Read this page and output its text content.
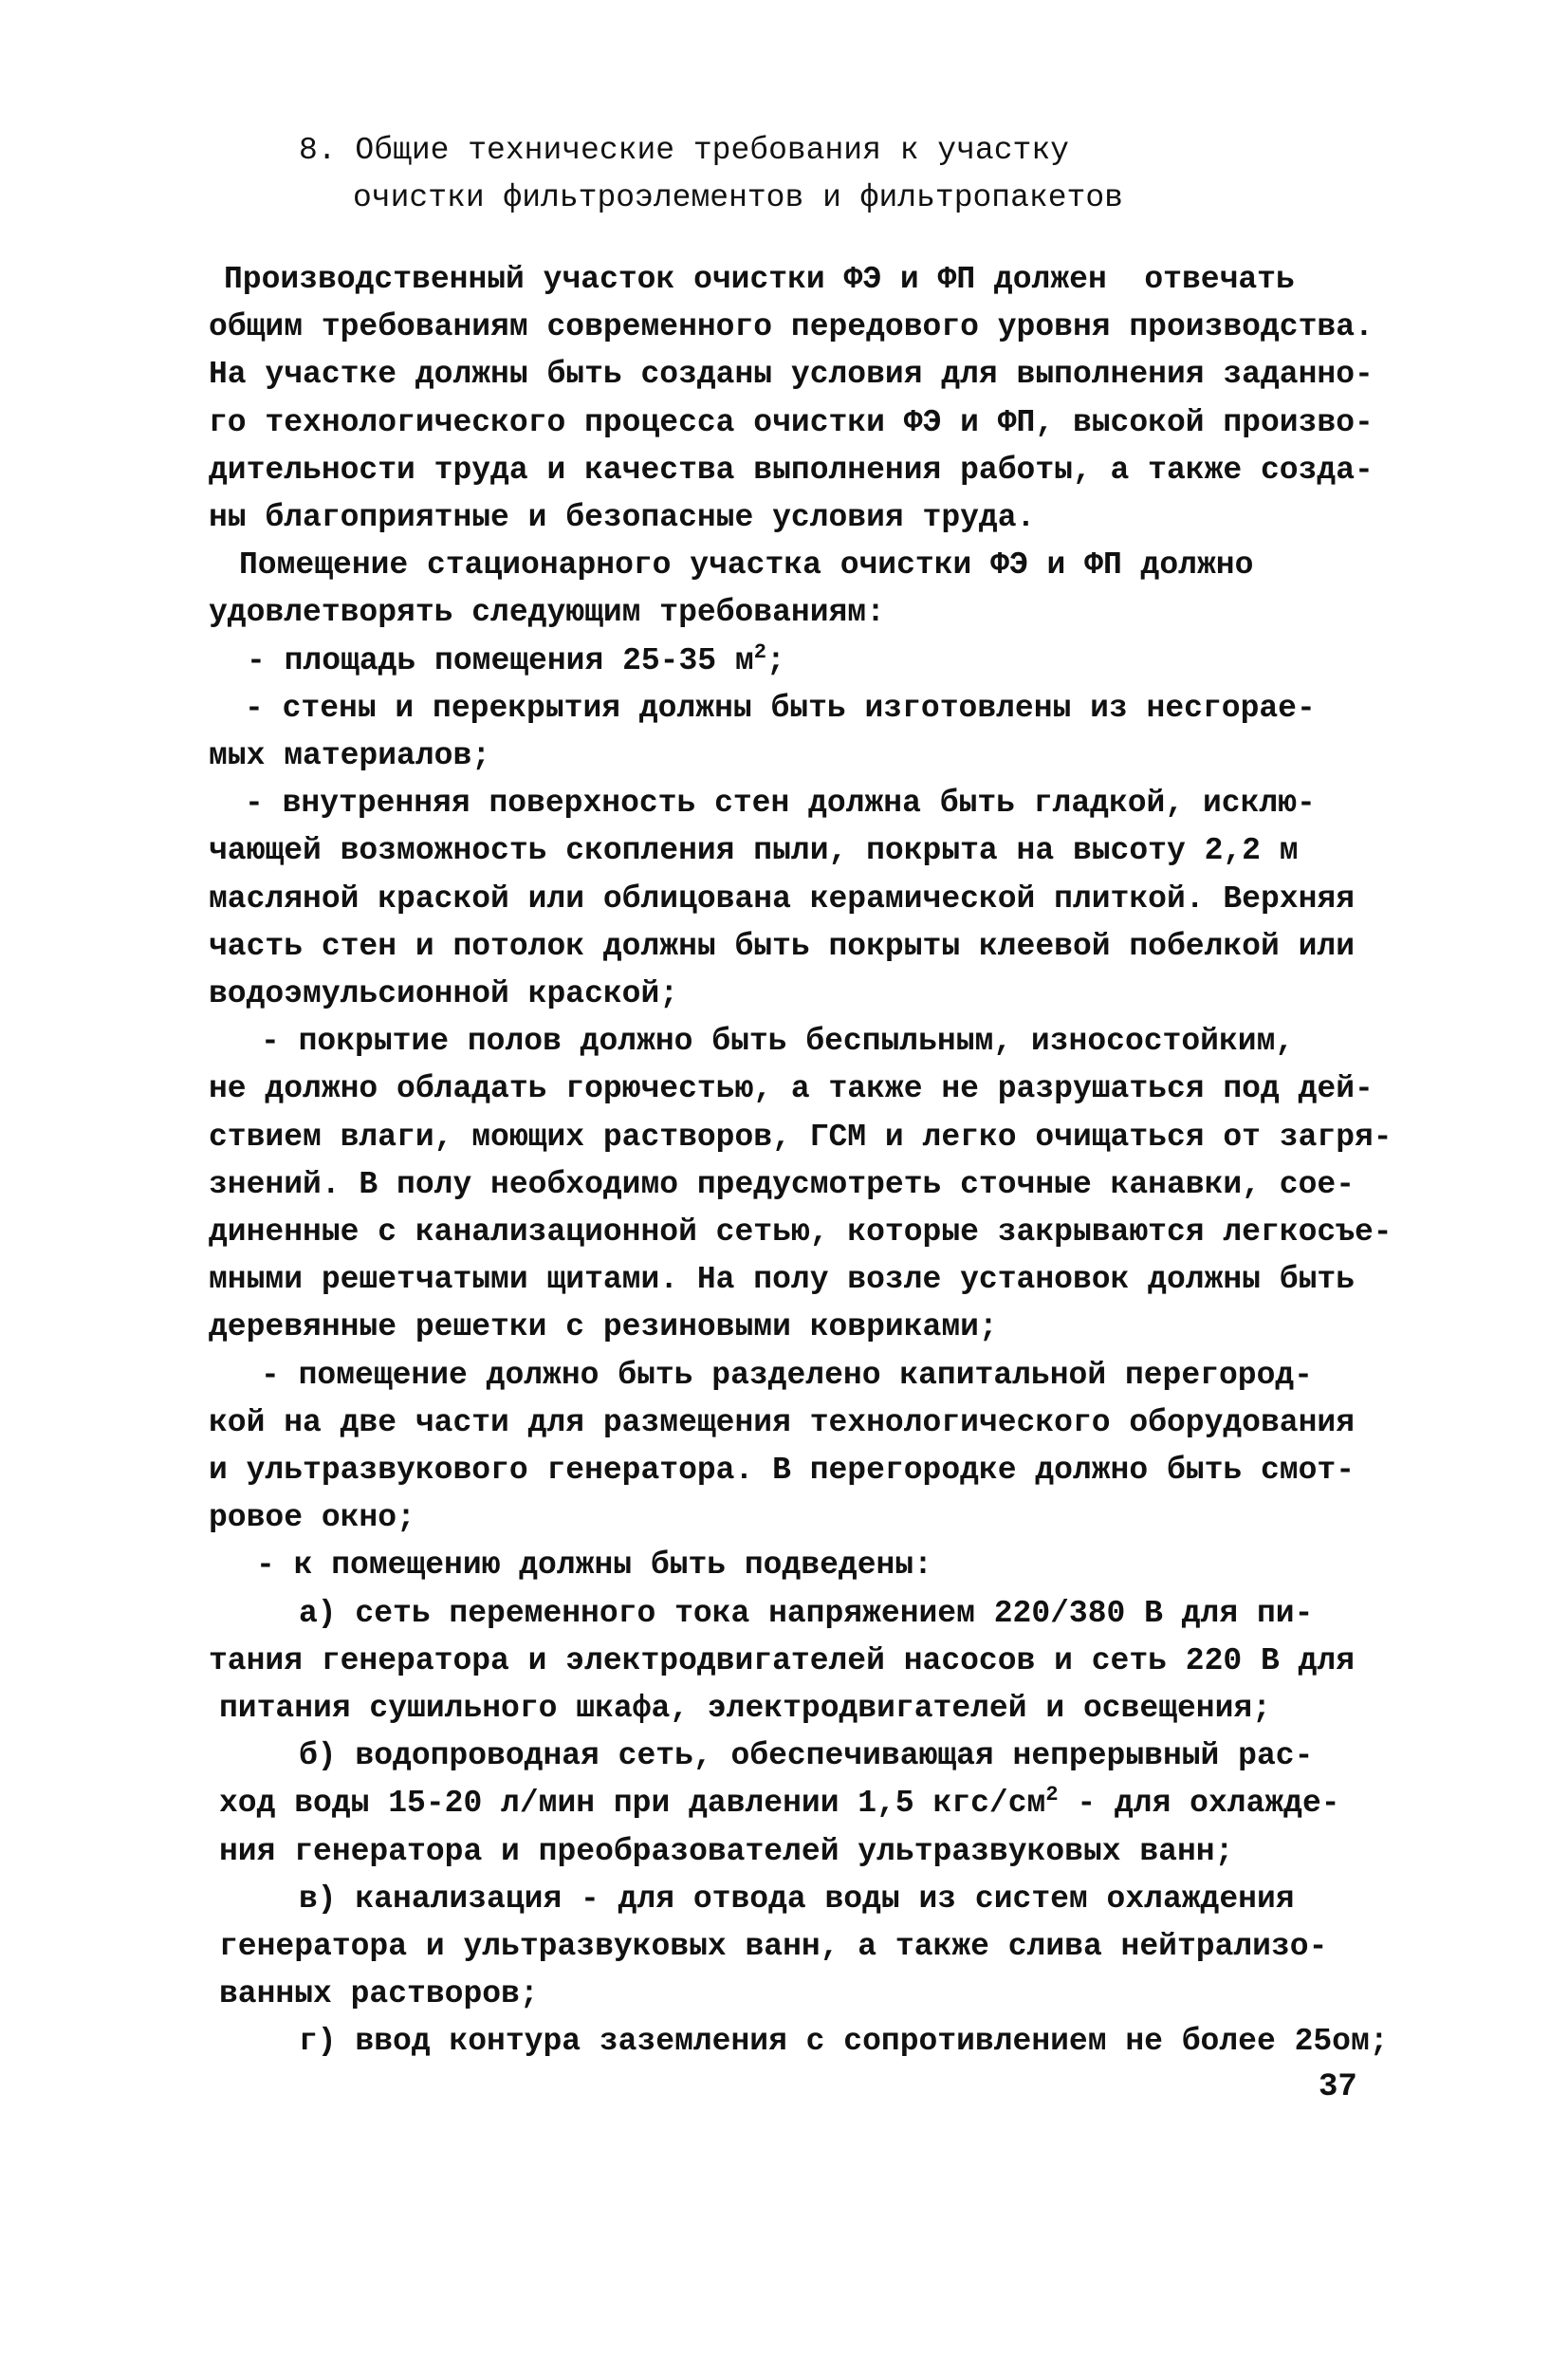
8. Общие технические требования к участку
очистки фильтроэлементов и фильтропакетов
Производственный участок очистки ФЭ и ФП должен  отвечать
общим требованиям современного передового уровня производства.
На участке должны быть созданы условия для выполнения заданно-
го технологического процесса очистки ФЭ и ФП, высокой произво-
дительности труда и качества выполнения работы, а также созда-
ны благоприятные и безопасные условия труда.
Помещение стационарного участка очистки ФЭ и ФП должно
удовлетворять следующим требованиям:
- площадь помещения 25-35 $м^2$;
- стены и перекрытия должны быть изготовлены из несгорае-
мых материалов;
- внутренняя поверхность стен должна быть гладкой, исклю-
чающей возможность скопления пыли, покрыта на высоту 2,2 м
масляной краской или облицована керамической плиткой. Верхняя
часть стен и потолок должны быть покрыты клеевой побелкой или
водоэмульсионной краской;
- покрытие полов должно быть беспыльным, износостойким,
не должно обладать горючестью, а также не разрушаться под дей-
ствием влаги, моющих растворов, ГСМ и легко очищаться от загря-
знений. В полу необходимо предусмотреть сточные канавки, сое-
диненные с канализационной сетью, которые закрываются легкосъе-
мными решетчатыми щитами. На полу возле установок должны быть
деревянные решетки с резиновыми ковриками;
- помещение должно быть разделено капитальной перегород-
кой на две части для размещения технологического оборудования
и ультразвукового генератора. В перегородке должно быть смот-
ровое окно;
- к помещению должны быть подведены:
а) сеть переменного тока напряжением 220/380 В для пи-
тания генератора и электродвигателей насосов и сеть 220 В для
питания сушильного шкафа, электродвигателей и освещения;
б) водопроводная сеть, обеспечивающая непрерывный рас-
ход воды 15-20 л/мин при давлении 1,5 кгс/$см^2$ - для охлажде-
ния генератора и преобразователей ультразвуковых ванн;
в) канализация - для отвода воды из систем охлаждения
генератора и ультразвуковых ванн, а также слива нейтрализо-
ванных растворов;
г) ввод контура заземления с сопротивлением не более 25ом;
37
